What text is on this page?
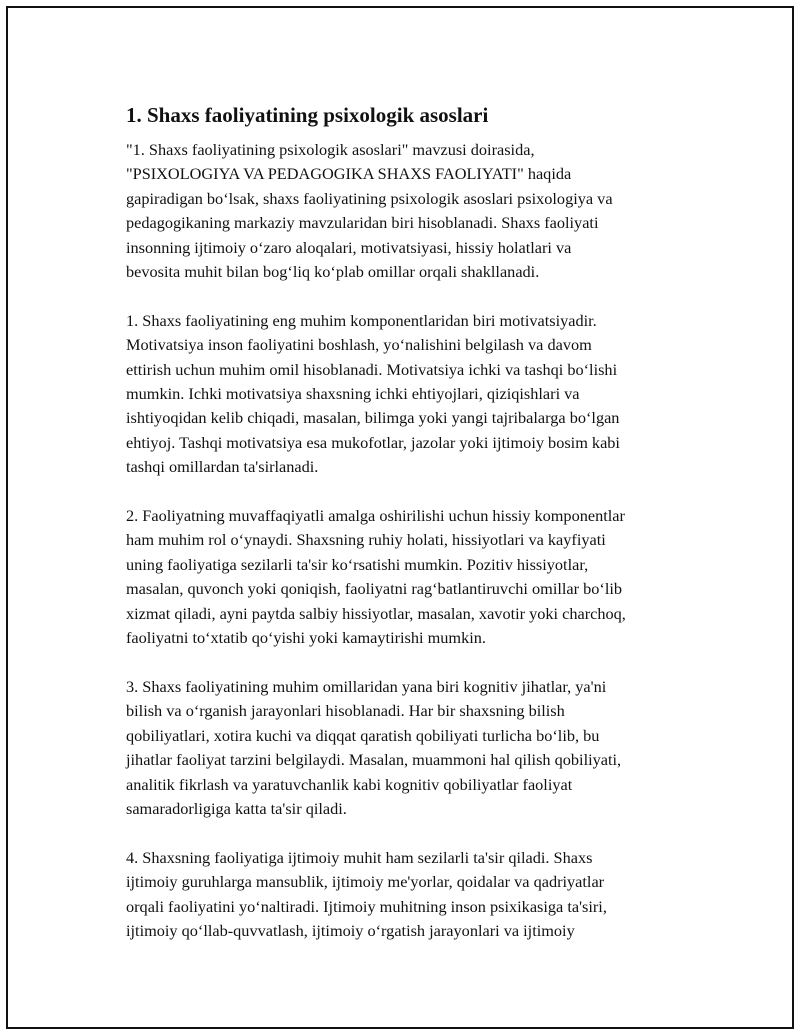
1. Shaxs faoliyatining psixologik asoslari

"1. Shaxs faoliyatining psixologik asoslari" mavzusi doirasida,
"PSIXOLOGIYA VA PEDAGOGIKA SHAXS FAOLIYATI" haqida
gapiradigan bo‘lsak, shaxs faoliyatining psixologik asoslari psixologiya va
pedagogikaning markaziy mavzularidan biri hisoblanadi. Shaxs faoliyati
insonning ijtimoiy o‘zaro aloqalari, motivatsiyasi, hissiy holatlari va
bevosita muhit bilan bog‘liq ko‘plab omillar orqali shakllanadi.

1. Shaxs faoliyatining eng muhim komponentlaridan biri motivatsiyadir.
Motivatsiya inson faoliyatini boshlash, yo‘nalishini belgilash va davom
ettirish uchun muhim omil hisoblanadi. Motivatsiya ichki va tashqi bo‘lishi
mumkin. Ichki motivatsiya shaxsning ichki ehtiyojlari, qiziqishlari va
ishtiyoqidan kelib chiqadi, masalan, bilimga yoki yangi tajribalarga bo‘lgan
ehtiyoj. Tashqi motivatsiya esa mukofotlar, jazolar yoki ijtimoiy bosim kabi
tashqi omillardan ta'sirlanadi.

2. Faoliyatning muvaffaqiyatli amalga oshirilishi uchun hissiy komponentlar
ham muhim rol o‘ynaydi. Shaxsning ruhiy holati, hissiyotlari va kayfiyati
uning faoliyatiga sezilarli ta'sir ko‘rsatishi mumkin. Pozitiv hissiyotlar,
masalan, quvonch yoki qoniqish, faoliyatni rag‘batlantiruvchi omillar bo‘lib
xizmat qiladi, ayni paytda salbiy hissiyotlar, masalan, xavotir yoki charchoq,
faoliyatni to‘xtatib qo‘yishi yoki kamaytirishi mumkin.

3. Shaxs faoliyatining muhim omillaridan yana biri kognitiv jihatlar, ya'ni
bilish va o‘rganish jarayonlari hisoblanadi. Har bir shaxsning bilish
qobiliyatlari, xotira kuchi va diqqat qaratish qobiliyati turlicha bo‘lib, bu
jihatlar faoliyat tarzini belgilaydi. Masalan, muammoni hal qilish qobiliyati,
analitik fikrlash va yaratuvchanlik kabi kognitiv qobiliyatlar faoliyat
samaradorligiga katta ta'sir qiladi.

4. Shaxsning faoliyatiga ijtimoiy muhit ham sezilarli ta'sir qiladi. Shaxs
ijtimoiy guruhlarga mansublik, ijtimoiy me'yorlar, qoidalar va qadriyatlar
orqali faoliyatini yo‘naltiradi. Ijtimoiy muhitning inson psixikasiga ta'siri,
ijtimoiy qo‘llab-quvvatlash, ijtimoiy o‘rgatish jarayonlari va ijtimoiy
